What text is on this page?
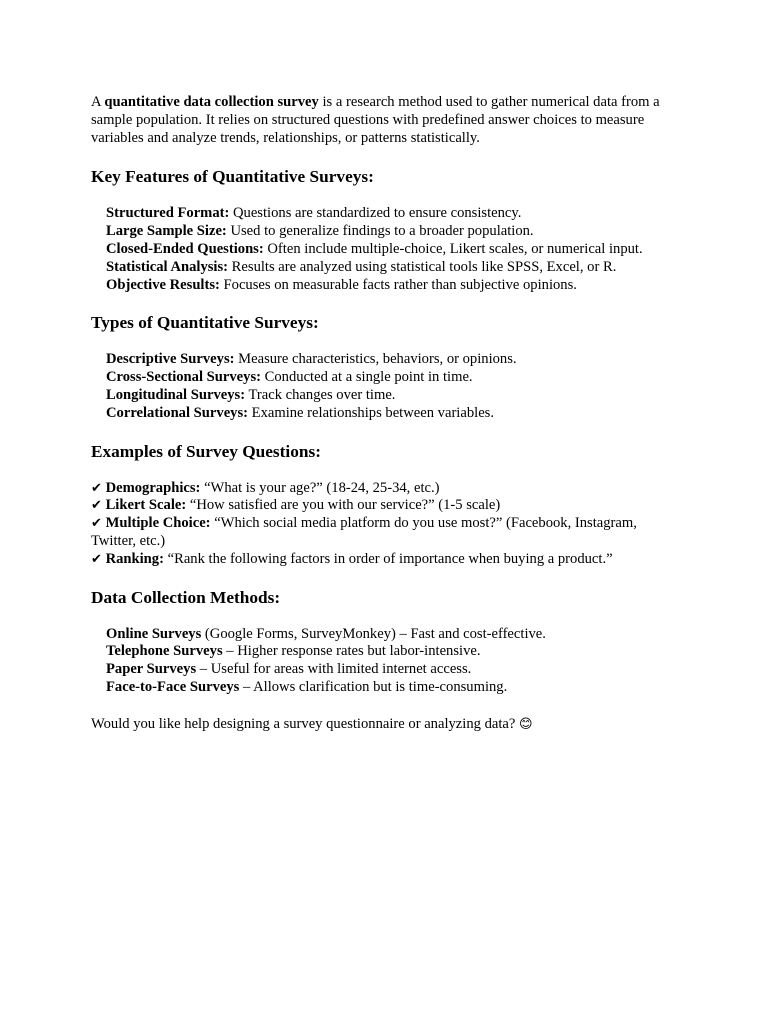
A quantitative data collection survey is a research method used to gather numerical data from a sample population. It relies on structured questions with predefined answer choices to measure variables and analyze trends, relationships, or patterns statistically.

Key Features of Quantitative Surveys:
Structured Format: Questions are standardized to ensure consistency.
Large Sample Size: Used to generalize findings to a broader population.
Closed-Ended Questions: Often include multiple-choice, Likert scales, or numerical input.
Statistical Analysis: Results are analyzed using statistical tools like SPSS, Excel, or R.
Objective Results: Focuses on measurable facts rather than subjective opinions.
Types of Quantitative Surveys:
Descriptive Surveys: Measure characteristics, behaviors, or opinions.
Cross-Sectional Surveys: Conducted at a single point in time.
Longitudinal Surveys: Track changes over time.
Correlational Surveys: Examine relationships between variables.
Examples of Survey Questions:
✔ Demographics: “What is your age?” (18-24, 25-34, etc.)
✔ Likert Scale: “How satisfied are you with our service?” (1-5 scale)
✔ Multiple Choice: “Which social media platform do you use most?” (Facebook, Instagram, Twitter, etc.)
✔ Ranking: “Rank the following factors in order of importance when buying a product.”
Data Collection Methods:
Online Surveys (Google Forms, SurveyMonkey) – Fast and cost-effective.
Telephone Surveys – Higher response rates but labor-intensive.
Paper Surveys – Useful for areas with limited internet access.
Face-to-Face Surveys – Allows clarification but is time-consuming.

Would you like help designing a survey questionnaire or analyzing data? 😊
